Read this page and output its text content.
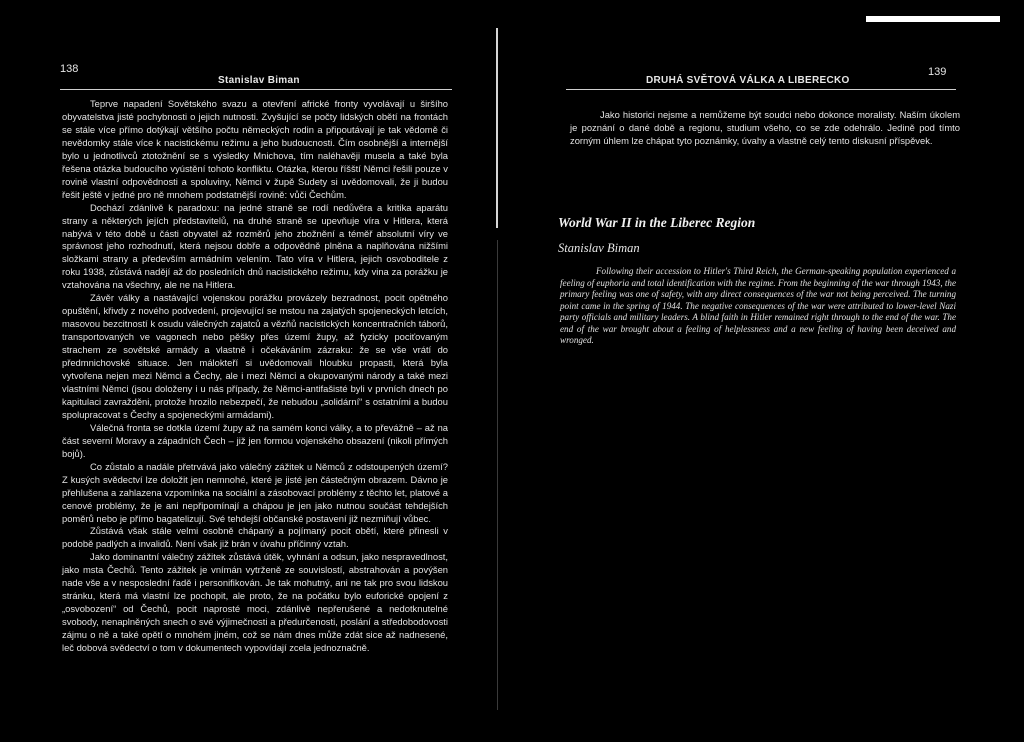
138
Stanislav Biman

Teprve napadení Sovětského svazu a otevření africké fronty vyvolávají u širšího obyvatelstva jisté pochybnosti o jejich nutnosti. Zvyšující se počty lidských obětí na frontách se stále více přímo dotýkají většího počtu německých rodin a připoutávají je tak vědomě či nevědomky stále více k nacistickému režimu a jeho budoucnosti. Čím osobnější a internější bylo u jednotlivců ztotožnění se s výsledky Mnichova, tím naléhavěji musela a také byla řešena otázka budoucího vyústění tohoto konfliktu. Otázka, kterou říšští Němci řešili pouze v rovině vlastní odpovědnosti a spoluviny, Němci v župě Sudety si uvědomovali, že ji budou řešit ještě v jedné pro ně mnohem podstatnější rovině: vůči Čechům.

Dochází zdánlivě k paradoxu: na jedné straně se rodí nedůvěra a kritika aparátu strany a některých jejích představitelů, na druhé straně se upevňuje víra v Hitlera, která nabývá v této době u části obyvatel až rozměrů jeho zbožnění a téměř absolutní víry ve správnost jeho rozhodnutí, která nejsou dobře a odpovědně plněna a naplňována nižšími složkami strany a především armádním velením. Tato víra v Hitlera, jejich osvoboditele z roku 1938, zůstává nadějí až do posledních dnů nacistického režimu, kdy vina za porážku je vztahována na všechny, ale ne na Hitlera.

Závěr války a nastávající vojenskou porážku provázely bezradnost, pocit opětného opuštění, křivdy z nového podvedení, projevující se mstou na zajatých spojeneckých letcích, masovou bezcitností k osudu válečných zajatců a vězňů nacistických koncentračních táborů, transportovaných ve vagonech nebo pěšky přes území župy, až fyzicky pociťovaným strachem ze sovětské armády a vlastně i očekáváním zázraku: že se vše vrátí do předmnichovské situace. Jen málokteří si uvědomovali hloubku propasti, která byla vytvořena nejen mezi Němci a Čechy, ale i mezi Němci a okupovanými národy a také mezi vlastními Němci (jsou doloženy i u nás případy, že Němci-antifašisté byli v prvních dnech po kapitulaci zavražděni, protože hrozilo nebezpečí, že nebudou „solidární“ s ostatními a budou spolupracovat s Čechy a spojeneckými armádami).

Válečná fronta se dotkla území župy až na samém konci války, a to převážně – až na část severní Moravy a západních Čech – již jen formou vojenského obsazení (nikoli přímých bojů).

Co zůstalo a nadále přetrvává jako válečný zážitek u Němců z odstoupených území? Z kusých svědectví lze doložit jen nemnohé, které je jisté jen částečným obrazem. Dávno je přehlušena a zahlazena vzpomínka na sociální a zásobovací problémy z těchto let, platové a cenové problémy, že je ani nepřipomínají a chápou je jen jako nutnou součást tehdejších poměrů nebo je přímo bagatelizují. Své tehdejší občanské postavení již nezmiňují vůbec.

Zůstává však stále velmi osobně chápaný a pojímaný pocit obětí, které přinesli v podobě padlých a invalidů. Není však již brán v úvahu příčinný vztah.

Jako dominantní válečný zážitek zůstává útěk, vyhnání a odsun, jako nespravedlnost, jako msta Čechů. Tento zážitek je vnímán vytrženě ze souvislostí, abstrahován a povýšen nade vše a v nesposlední řadě i personifikován. Je tak mohutný, ani ne tak pro svou lidskou stránku, která má vlastní lze pochopit, ale proto, že na počátku bylo euforické opojení z „osvobození“ od Čechů, pocit naprosté moci, zdánlivě nepřerušené a nedotknutelné svobody, nenaplněných snech o své výjimečnosti a předurčenosti, poslání a středobodovosti zájmu o ně a také opětí o mnohém jiném, což se nám dnes může zdát sice až nadnesené, leč dobová svědectví o tom v dokumentech vypovídají zcela jednoznačně.

139
DRUHÁ SVĚTOVÁ VÁLKA A LIBERECKO

Jako historici nejsme a nemůžeme být soudci nebo dokonce moralisty. Naším úkolem je poznání o dané době a regionu, studium všeho, co se zde odehrálo. Jedině pod tímto zorným úhlem lze chápat tyto poznámky, úvahy a vlastně celý tento diskusní příspěvek.

World War II in the Liberec Region
Stanislav Biman

Following their accession to Hitler's Third Reich, the German-speaking population experienced a feeling of euphoria and total identification with the regime. From the beginning of the war through 1943, the primary feeling was one of safety, with any direct consequences of the war not being perceived. The turning point came in the spring of 1944. The negative consequences of the war were attributed to lower-level Nazi party officials and military leaders. A blind faith in Hitler remained right through to the end of the war. The end of the war brought about a feeling of helplessness and a new feeling of having been deceived and wronged.
